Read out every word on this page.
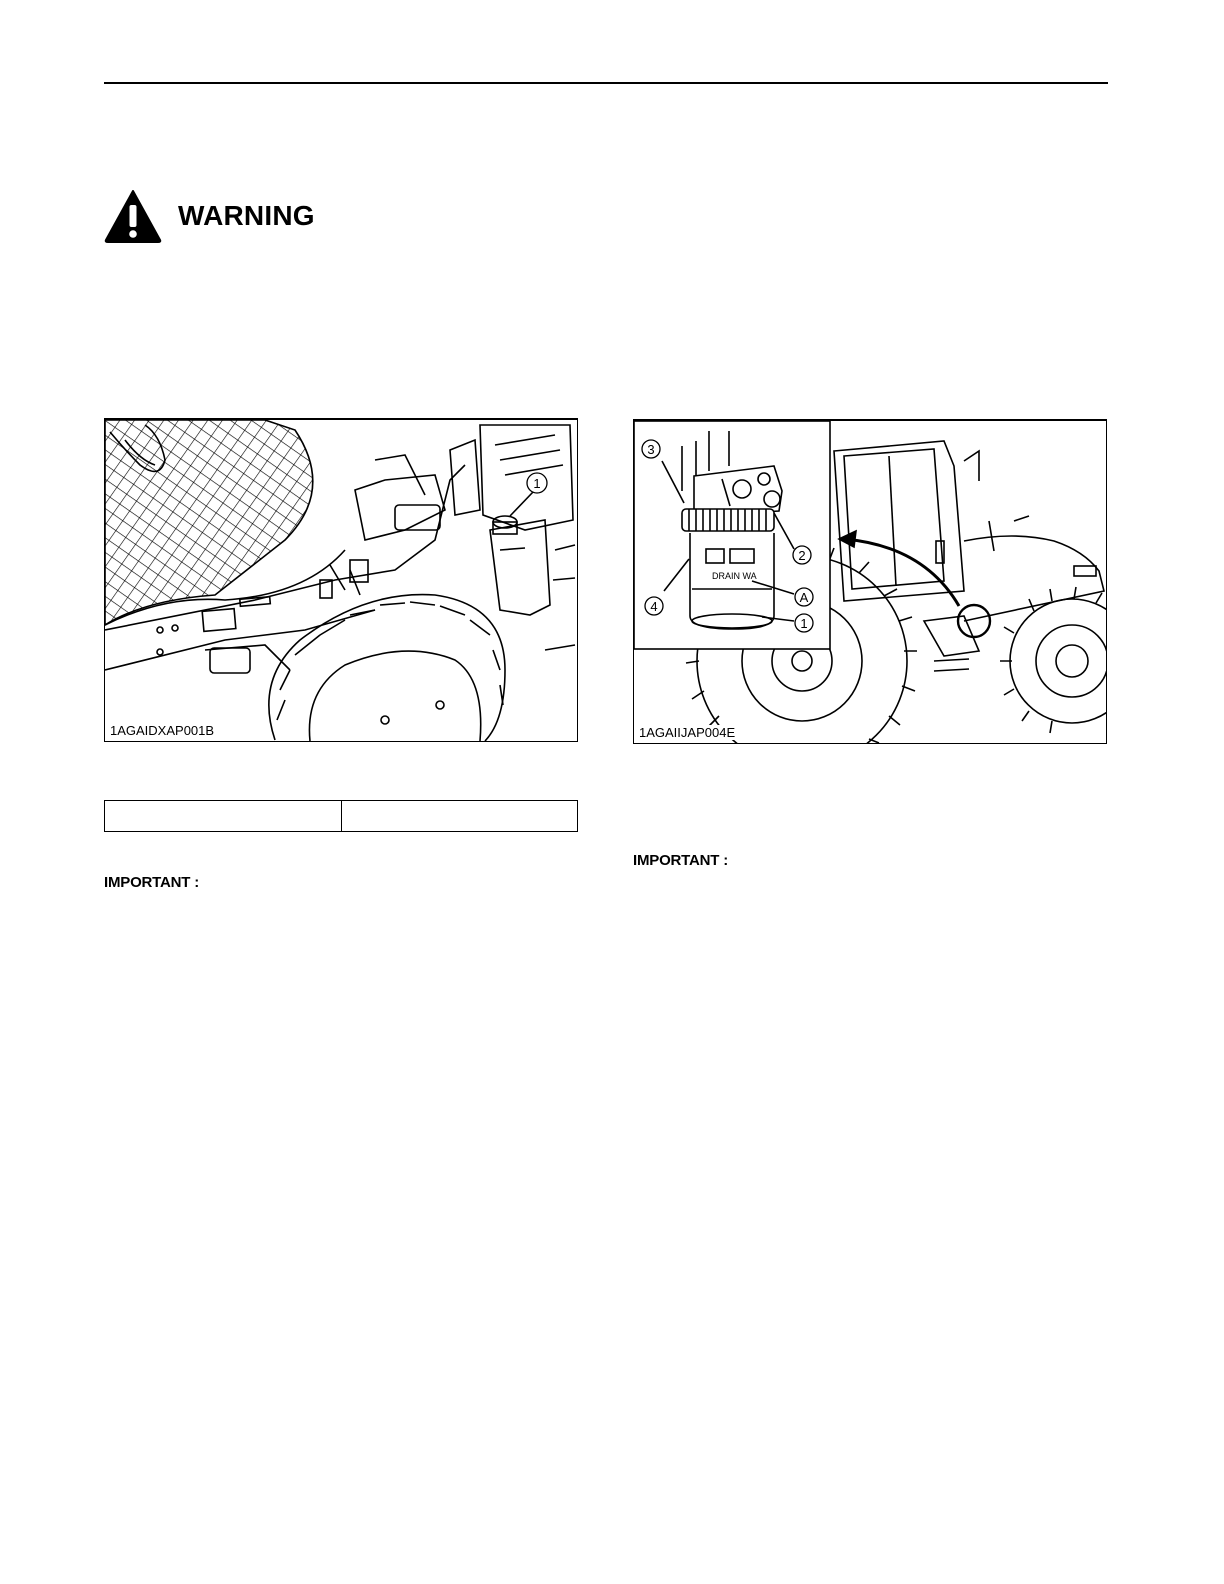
WARNING
1
1AGAIDXAP001B
DRAIN WA
3
2
4
A
1
1AGAIIJAP004E

IMPORTANT :
IMPORTANT :
